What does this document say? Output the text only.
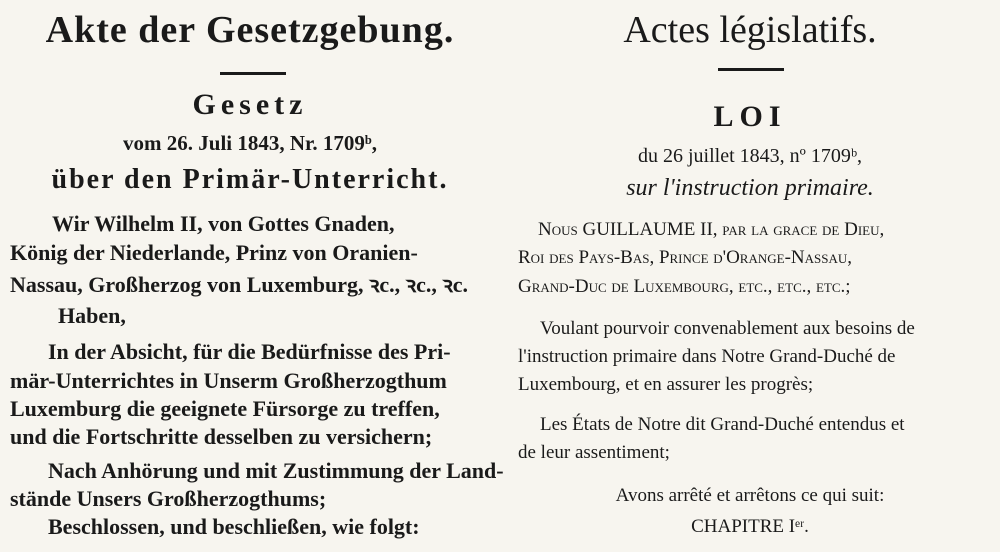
Akte der Gesetzgebung.

Gesetz

vom 26. Juli 1843, Nr. 1709ᵇ,

über den Primär-Unterricht.

Wir Wilhelm II, von Gottes Gnaden,

König der Niederlande, Prinz von Oranien-

Nassau, Großherzog von Luxemburg, ꝛc., ꝛc., ꝛc.

Haben,

In der Absicht, für die Bedürfnisse des Pri-

mär-Unterrichtes in Unserm Großherzogthum

Luxemburg die geeignete Fürsorge zu treffen,

und die Fortschritte desselben zu versichern;

Nach Anhörung und mit Zustimmung der Land-

stände Unsers Großherzogthums;

Beschlossen, und beschließen, wie folgt:

Actes législatifs.

LOI

du 26 juillet 1843, nº 1709ᵇ,

sur l'instruction primaire.

Nous GUILLAUME II, par la grace de Dieu,

Roi des Pays-Bas, Prince d'Orange-Nassau,

Grand-Duc de Luxembourg, etc., etc., etc.;

Voulant pourvoir convenablement aux besoins de

l'instruction primaire dans Notre Grand-Duché de

Luxembourg, et en assurer les progrès;

Les États de Notre dit Grand-Duché entendus et

de leur assentiment;

Avons arrêté et arrêtons ce qui suit:

CHAPITRE Iᵉʳ.
